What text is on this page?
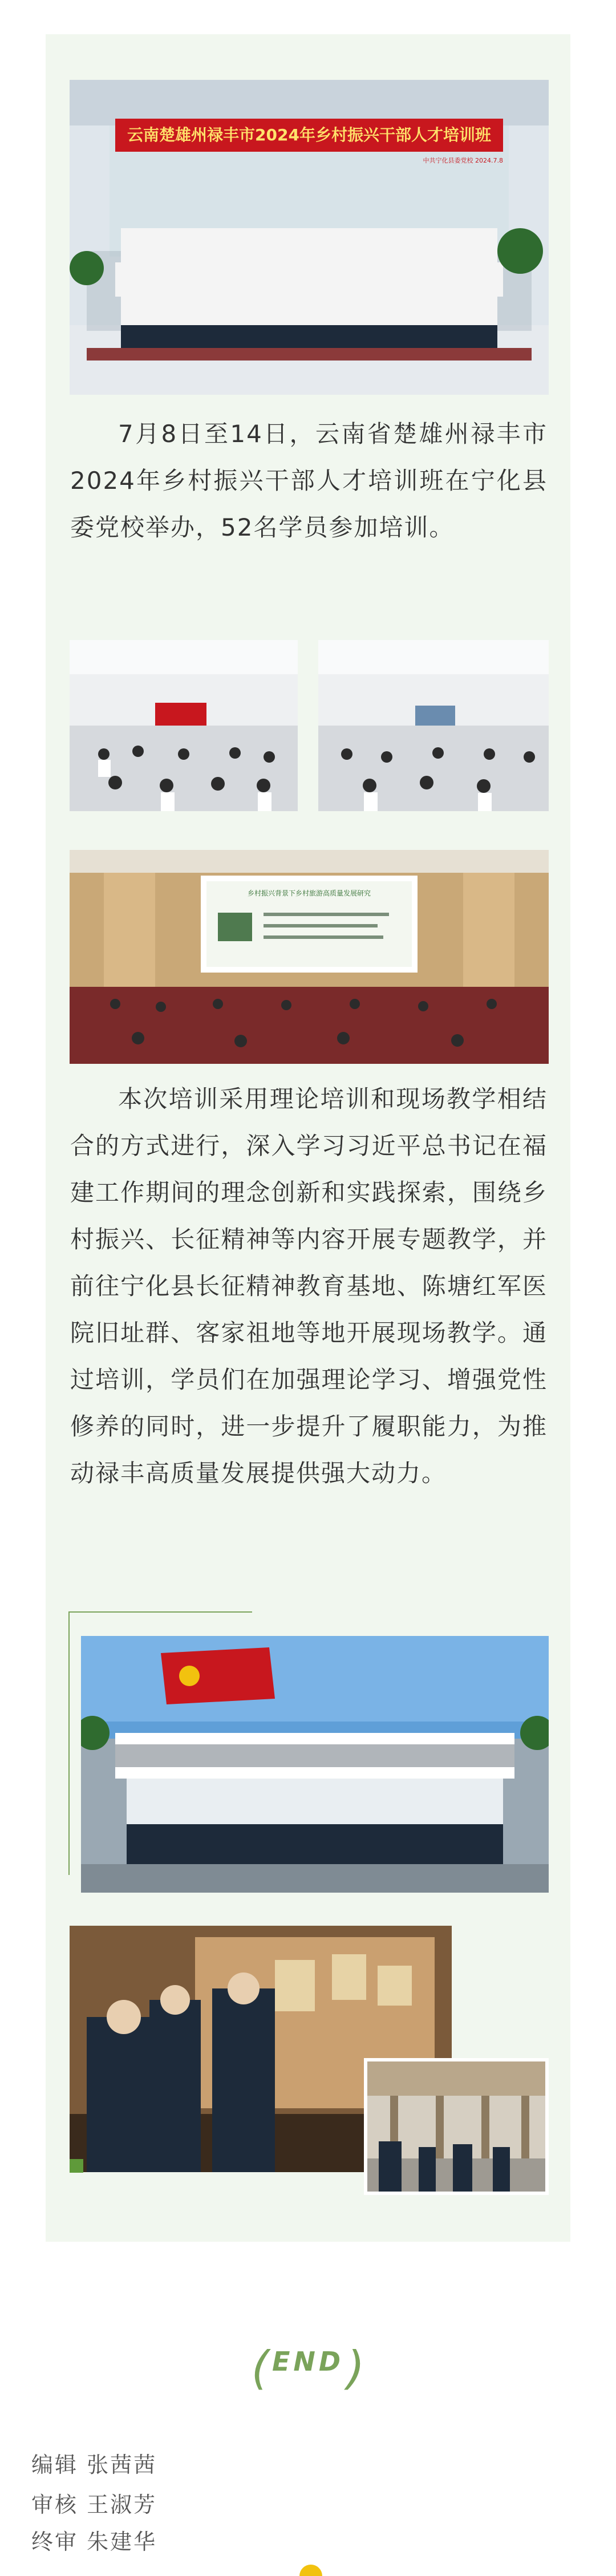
云南楚雄州禄丰市2024年乡村振兴干部人才培训班
中共宁化县委党校 2024.7.8

7月8日至14日，云南省楚雄州禄丰市2024年乡村振兴干部人才培训班在宁化县委党校举办，52名学员参加培训。

乡村振兴背景下乡村旅游高质量发展研究

本次培训采用理论培训和现场教学相结合的方式进行，深入学习习近平总书记在福建工作期间的理念创新和实践探索，围绕乡村振兴、长征精神等内容开展专题教学，并前往宁化县长征精神教育基地、陈塘红军医院旧址群、客家祖地等地开展现场教学。通过培训，学员们在加强理论学习、增强党性修养的同时，进一步提升了履职能力，为推动禄丰高质量发展提供强大动力。

( END )
编辑 张茜茜
审核 王淑芳
终审 朱建华
